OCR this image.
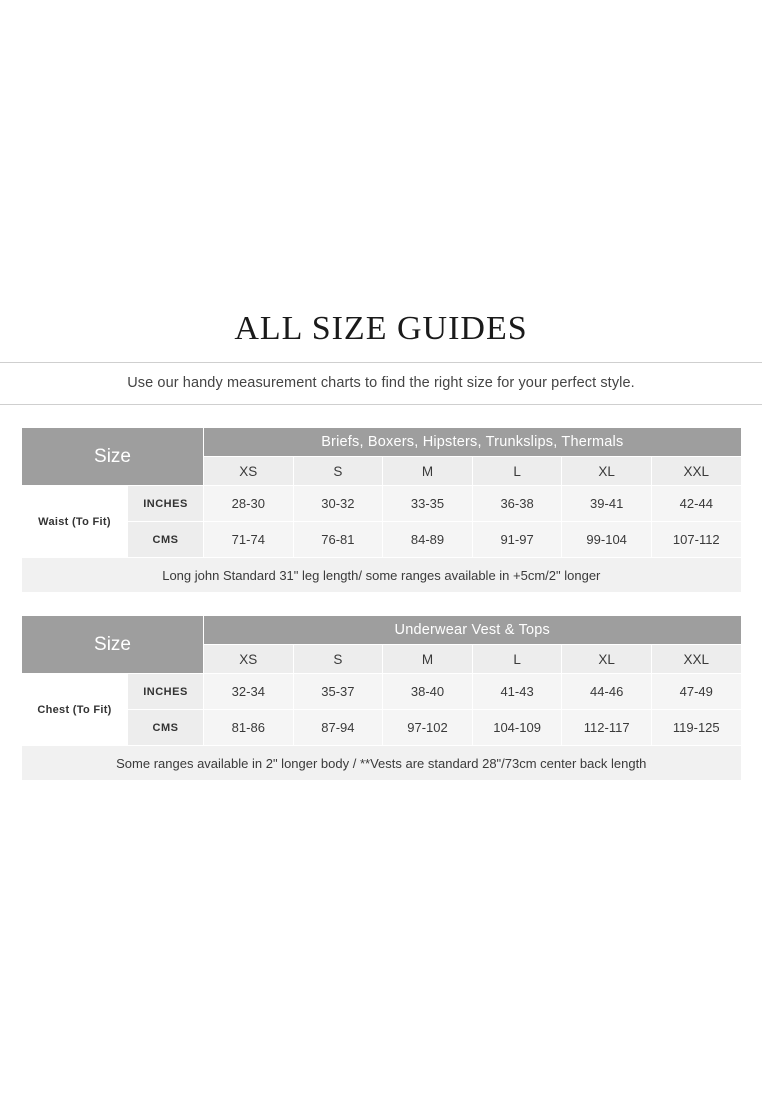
ALL SIZE GUIDES
Use our handy measurement charts to find the right size for your perfect style.
Size		Briefs, Boxers, Hipsters, Trunkslips, Thermals					
		XS	S	M	L	XL	XXL
Waist (To Fit)	INCHES	28-30	30-32	33-35	36-38	39-41	42-44
	CMS	71-74	76-81	84-89	91-97	99-104	107-112
Long john Standard 31" leg length/ some ranges available in +5cm/2" longer							
Size		Underwear Vest & Tops					
		XS	S	M	L	XL	XXL
Chest (To Fit)	INCHES	32-34	35-37	38-40	41-43	44-46	47-49
	CMS	81-86	87-94	97-102	104-109	112-117	119-125
Some ranges available in 2" longer body / **Vests are standard 28"/73cm center back length							
